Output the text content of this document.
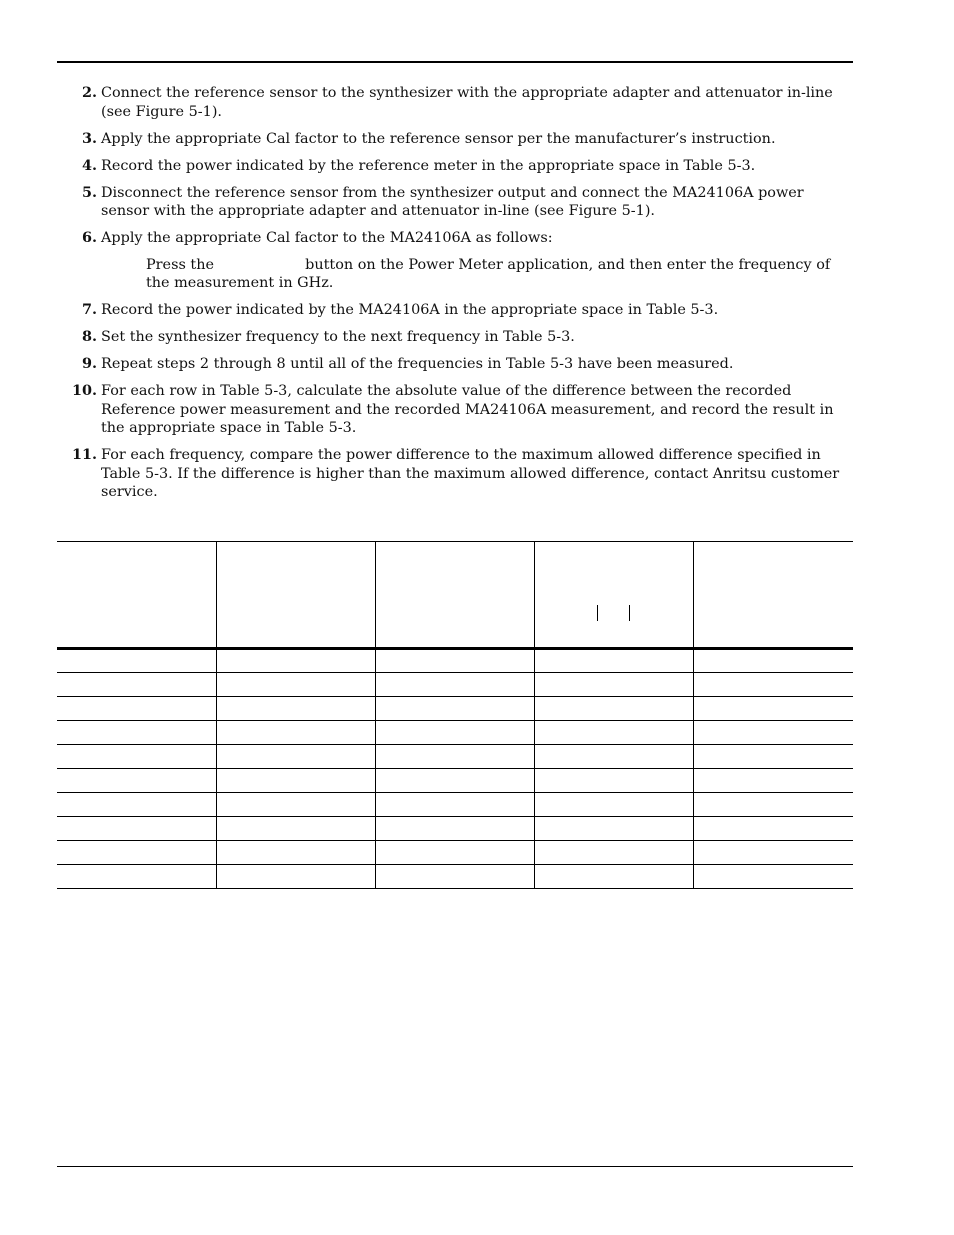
2. Connect the reference sensor to the synthesizer with the appropriate adapter and attenuator in-line (see Figure 5-1).
3. Apply the appropriate Cal factor to the reference sensor per the manufacturer’s instruction.
4. Record the power indicated by the reference meter in the appropriate space in Table 5-3.
5. Disconnect the reference sensor from the synthesizer output and connect the MA24106A power sensor with the appropriate adapter and attenuator in-line (see Figure 5-1).
6. Apply the appropriate Cal factor to the MA24106A as follows:
Press the	button on the Power Meter application, and then enter the frequency of the measurement in GHz.
7. Record the power indicated by the MA24106A in the appropriate space in Table 5-3.
8. Set the synthesizer frequency to the next frequency in Table 5-3.
9. Repeat steps 2 through 8 until all of the frequencies in Table 5-3 have been measured.
10. For each row in Table 5-3, calculate the absolute value of the difference between the recorded Reference power measurement and the recorded MA24106A measurement, and record the result in the appropriate space in Table 5-3.
11. For each frequency, compare the power difference to the maximum allowed difference specified in Table 5-3. If the difference is higher than the maximum allowed difference, contact Anritsu customer service.
